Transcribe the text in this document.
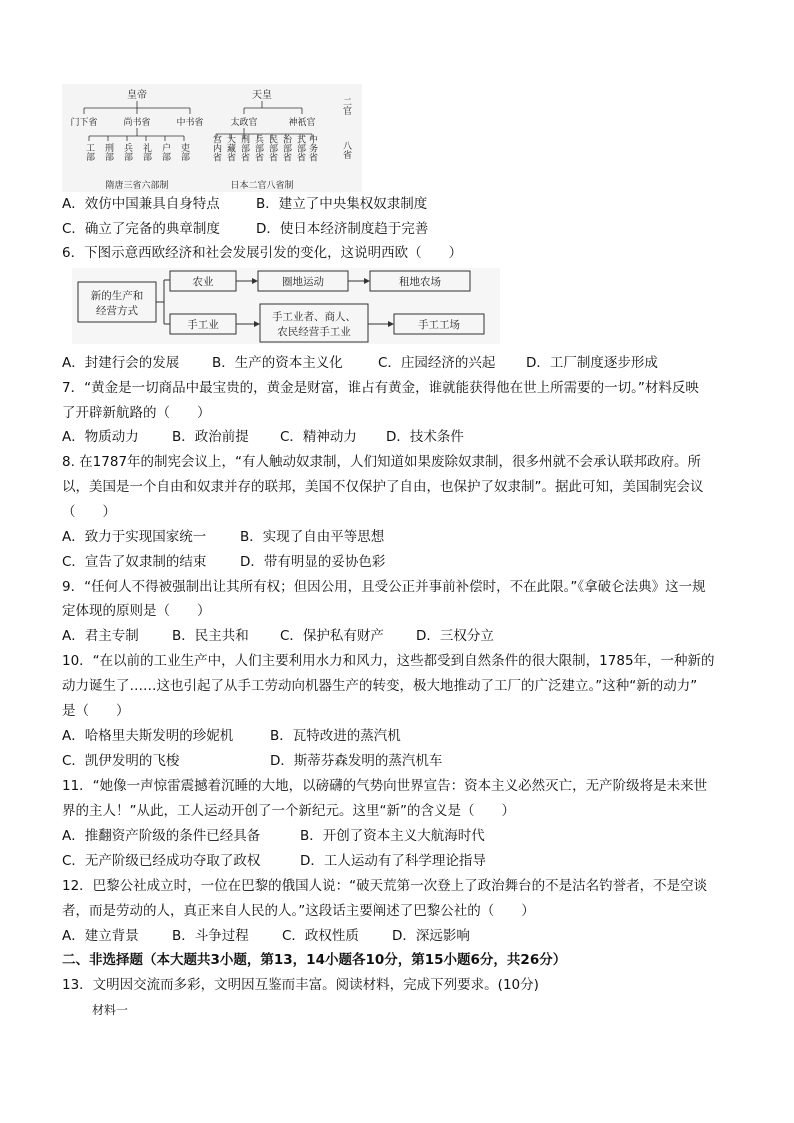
皇帝
门下省	尚书省	中书省
工部 刑部 兵部 礼部 户部 吏部
隋唐三省六部制
天皇
太政官	神祇官
宫内省 大藏省 刑部省 兵部省 民部省 治部省 式部省 中务省
日本二官八省制
二官
八省
A．效仿中国兼具自身特点	B．建立了中央集权奴隶制度
C．确立了完备的典章制度	D．使日本经济制度趋于完善
6．下图示意西欧经济和社会发展引发的变化，这说明西欧（　　）
新的生产和
经营方式
农业	圈地运动	租地农场
手工业
手工业者、商人、
农民经营手工业
手工工场
A．封建行会的发展 B．生产的资本主义化	C．庄园经济的兴起 D．工厂制度逐步形成
7．“黄金是一切商品中最宝贵的，黄金是财富，谁占有黄金，谁就能获得他在世上所需要的一切。”材料反映
了开辟新航路的（　　）
A．物质动力 B．政治前提 C．精神动力 D．技术条件
8. 在1787年的制宪会议上，“有人触动奴隶制，人们知道如果废除奴隶制，很多州就不会承认联邦政府。所
以，美国是一个自由和奴隶并存的联邦，美国不仅保护了自由，也保护了奴隶制”。据此可知，美国制宪会议
（　　）
A．致力于实现国家统一	B．实现了自由平等思想
C．宣告了奴隶制的结束 D．带有明显的妥协色彩
9．“任何人不得被强制出让其所有权；但因公用，且受公正并事前补偿时，不在此限。”《拿破仑法典》这一规
定体现的原则是（　　）
A．君主专制 B．民主共和 C．保护私有财产 D．三权分立
10．“在以前的工业生产中，人们主要利用水力和风力，这些都受到自然条件的很大限制，1785年，一种新的
动力诞生了……这也引起了从手工劳动向机器生产的转变，极大地推动了工厂的广泛建立。”这种“新的动力”
是（　　）
A．哈格里夫斯发明的珍妮机	B．瓦特改进的蒸汽机
C．凯伊发明的飞梭	D．斯蒂芬森发明的蒸汽机车
11．“她像一声惊雷震撼着沉睡的大地，以磅礴的气势向世界宣告：资本主义必然灭亡，无产阶级将是未来世
界的主人！”从此，工人运动开创了一个新纪元。这里“新”的含义是（　　）
A．推翻资产阶级的条件已经具备	B．开创了资本主义大航海时代
C．无产阶级已经成功夺取了政权	D．工人运动有了科学理论指导
12．巴黎公社成立时，一位在巴黎的俄国人说：“破天荒第一次登上了政治舞台的不是沽名钓誉者，不是空谈
者，而是劳动的人，真正来自人民的人。”这段话主要阐述了巴黎公社的（　　）
A．建立背景 B．斗争过程 C．政权性质 D．深远影响
二、非选择题（本大题共3小题，第13，14小题各10分，第15小题6分，共26分）
13．文明因交流而多彩，文明因互鉴而丰富。阅读材料，完成下列要求。(10分)
材料一
